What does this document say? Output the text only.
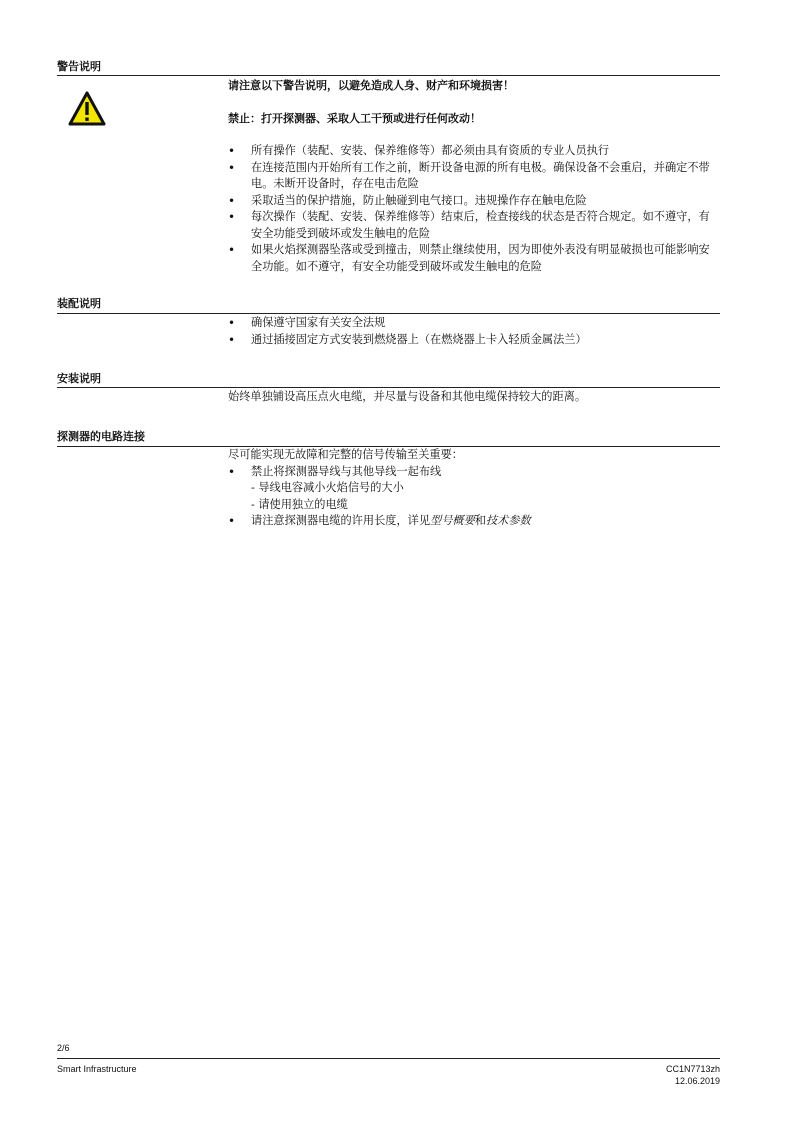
警告说明

请注意以下警告说明，以避免造成人身、财产和环境损害！

禁止：打开探测器、采取人工干预或进行任何改动！

• 所有操作（装配、安装、保养维修等）都必须由具有资质的专业人员执行
• 在连接范围内开始所有工作之前，断开设备电源的所有电极。确保设备不会重启，并确定不带电。未断开设备时，存在电击危险
• 采取适当的保护措施，防止触碰到电气接口。违规操作存在触电危险
• 每次操作（装配、安装、保养维修等）结束后，检查接线的状态是否符合规定。如不遵守，有安全功能受到破坏或发生触电的危险
• 如果火焰探测器坠落或受到撞击，则禁止继续使用，因为即使外表没有明显破损也可能影响安全功能。如不遵守，有安全功能受到破坏或发生触电的危险
装配说明
• 确保遵守国家有关安全法规
• 通过插接固定方式安装到燃烧器上（在燃烧器上卡入轻质金属法兰）
安装说明

始终单独铺设高压点火电缆，并尽量与设备和其他电缆保持较大的距离。

探测器的电路连接

尽可能实现无故障和完整的信号传输至关重要：

• 禁止将探测器导线与其他导线一起布线

- 导线电容减小火焰信号的大小

- 请使用独立的电缆

• 请注意探测器电缆的许用长度，详见型号概要和技术参数
2/6
Smart Infrastructure	CC1N7713zh
12.06.2019
